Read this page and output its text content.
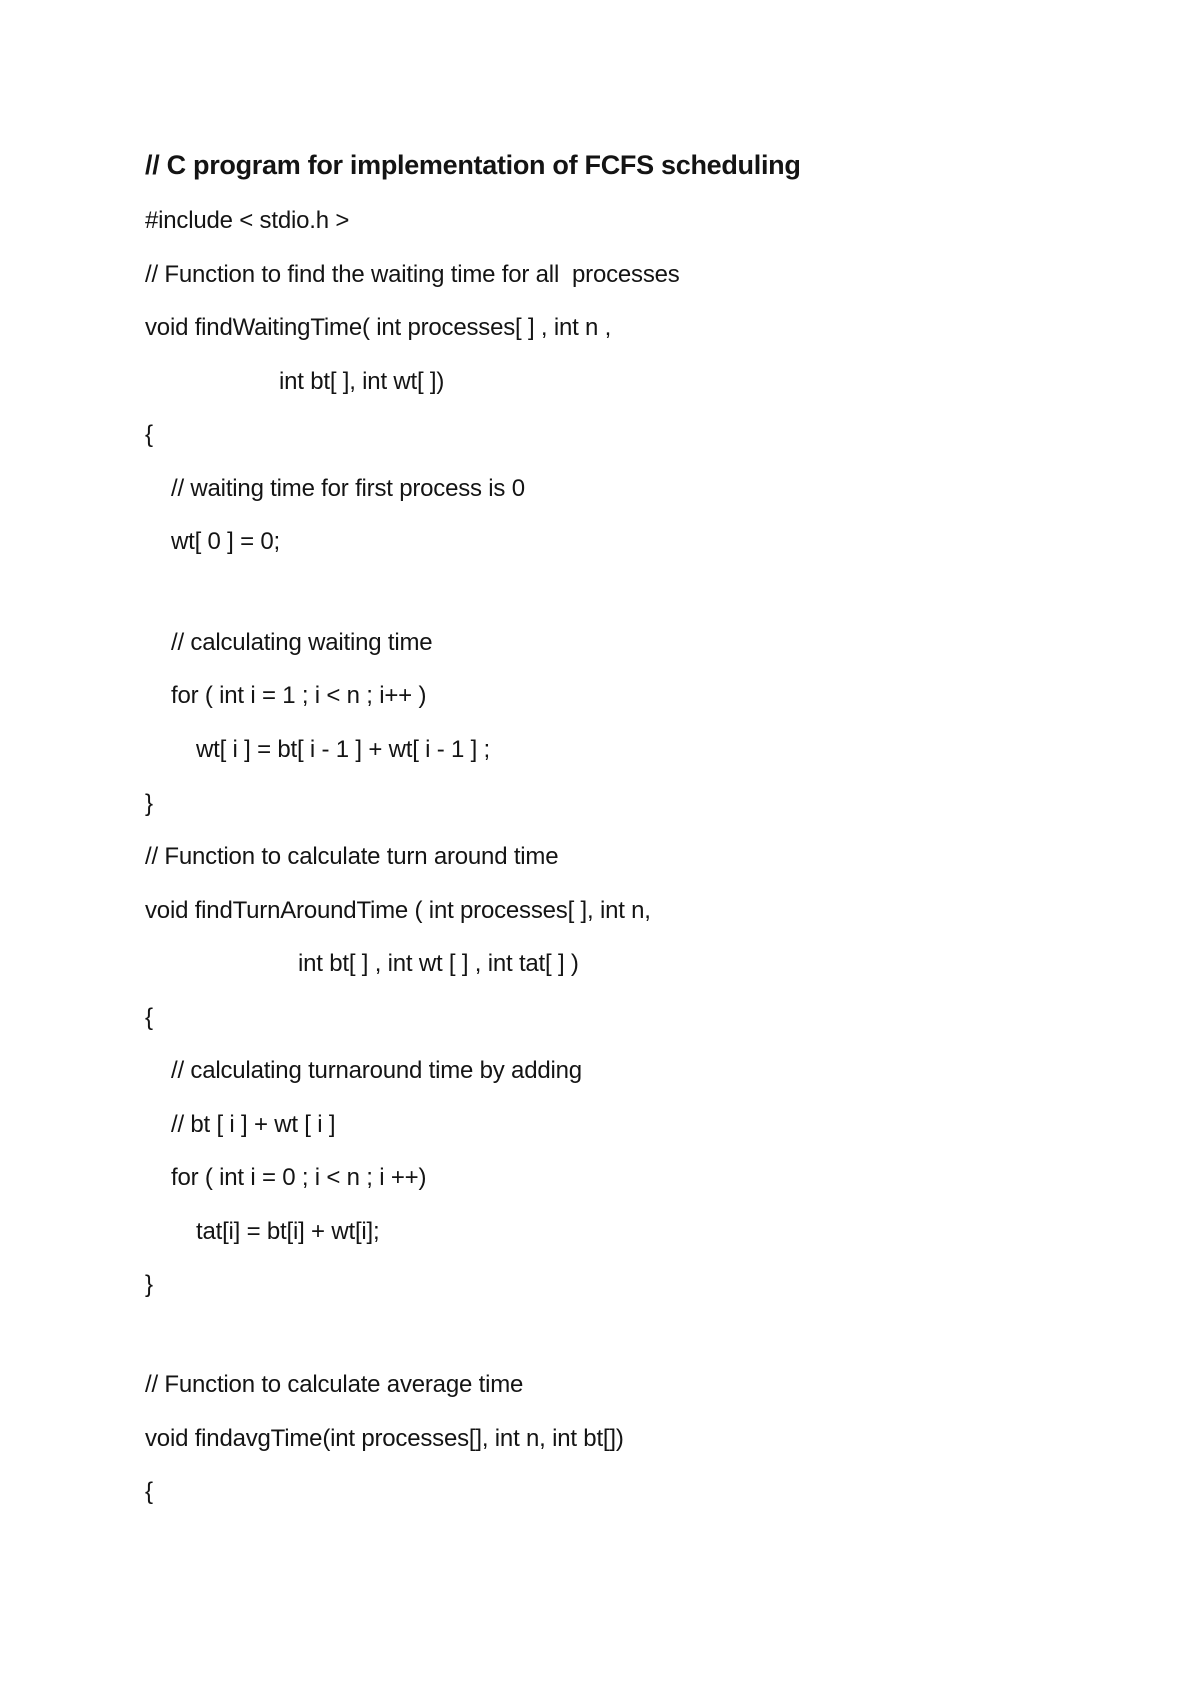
// C program for implementation of FCFS scheduling
#include < stdio.h >
// Function to find the waiting time for all  processes
void findWaitingTime( int processes[ ] , int n ,
int bt[ ], int wt[ ])
{
// waiting time for first process is 0
wt[ 0 ] = 0;
// calculating waiting time
for ( int i = 1 ; i < n ; i++ )
wt[ i ] = bt[ i - 1 ] + wt[ i - 1 ] ;
}
// Function to calculate turn around time
void findTurnAroundTime ( int processes[ ], int n,
int bt[ ] , int wt [ ] , int tat[ ] )
{
// calculating turnaround time by adding
// bt [ i ] + wt [ i ]
for ( int i = 0 ; i < n ; i ++)
tat[i] = bt[i] + wt[i];
}
// Function to calculate average time
void findavgTime(int processes[], int n, int bt[])
{
